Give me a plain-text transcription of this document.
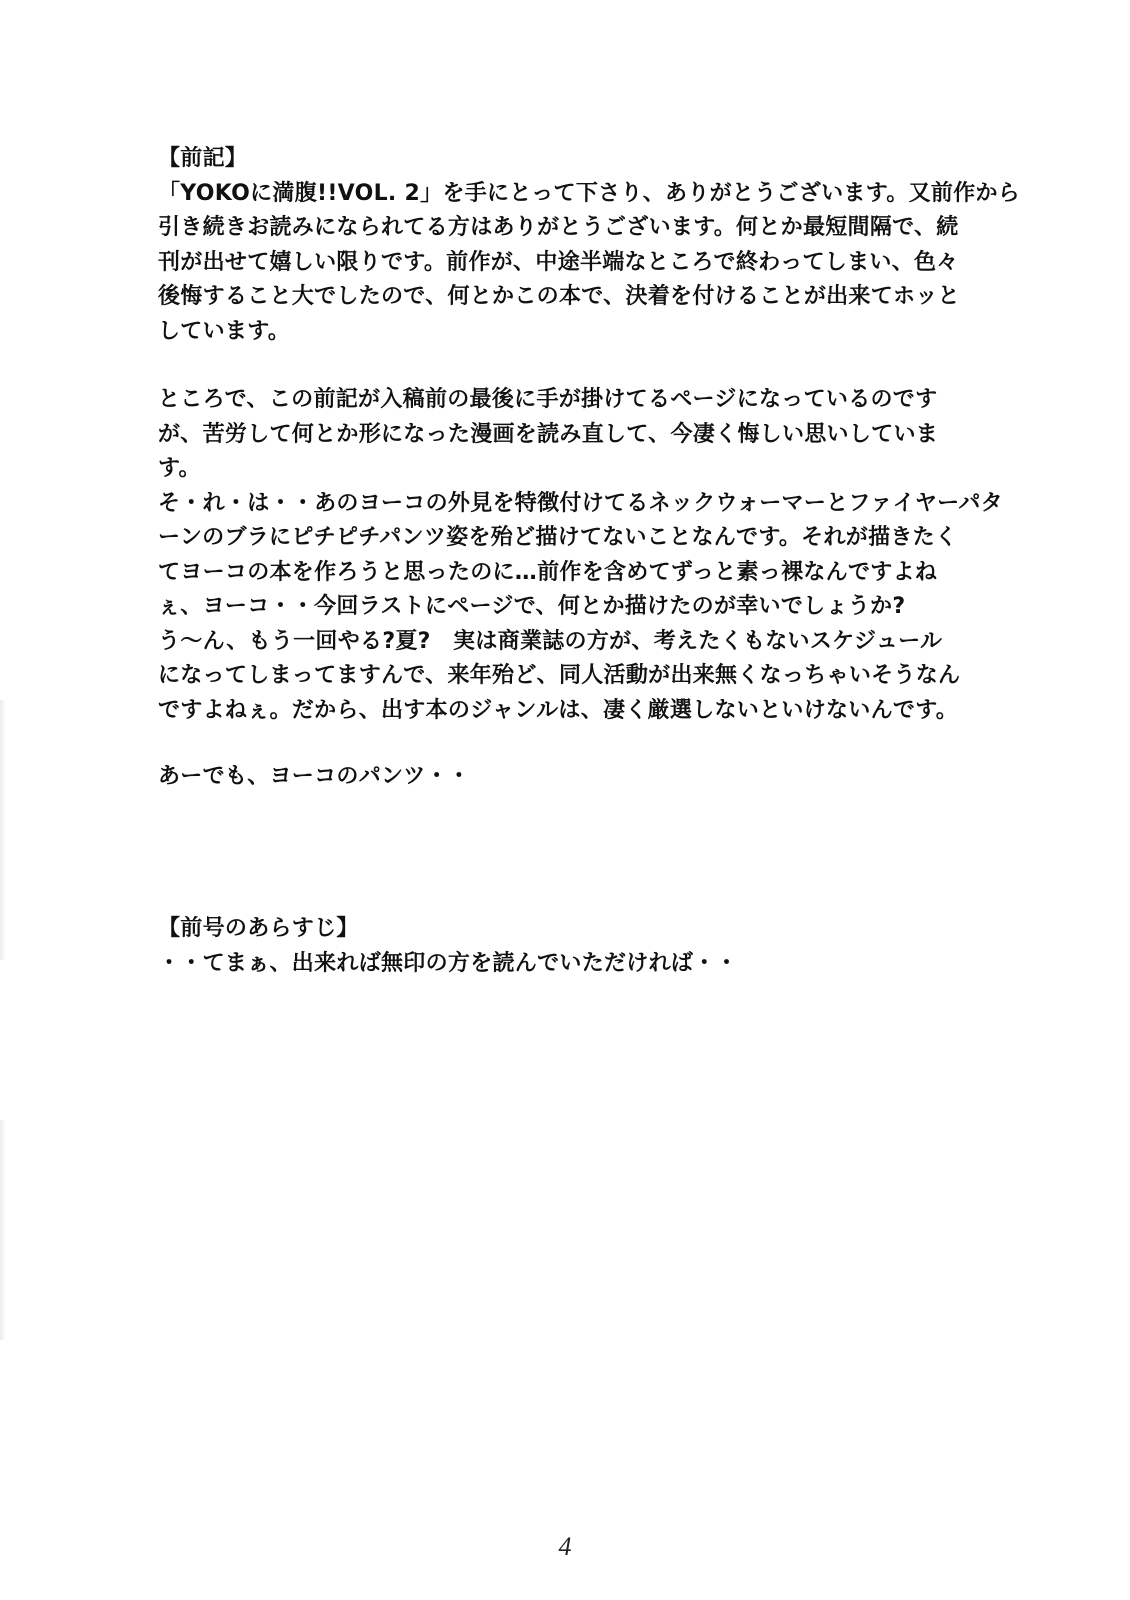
【前記】
「YOKOに満腹!!VOL. 2」を手にとって下さり、ありがとうございます。又前作から
引き続きお読みになられてる方はありがとうございます。何とか最短間隔で、続
刊が出せて嬉しい限りです。前作が、中途半端なところで終わってしまい、色々
後悔すること大でしたので、何とかこの本で、決着を付けることが出来てホッと
しています。
ところで、この前記が入稿前の最後に手が掛けてるページになっているのです
が、苦労して何とか形になった漫画を読み直して、今凄く悔しい思いしていま
す。
そ・れ・は・・あのヨーコの外見を特徴付けてるネックウォーマーとファイヤーパタ
ーンのブラにピチピチパンツ姿を殆ど描けてないことなんです。それが描きたく
てヨーコの本を作ろうと思ったのに…前作を含めてずっと素っ裸なんですよね
ぇ、ヨーコ・・今回ラストにページで、何とか描けたのが幸いでしょうか?
う～ん、もう一回やる?夏?　実は商業誌の方が、考えたくもないスケジュール
になってしまってますんで、来年殆ど、同人活動が出来無くなっちゃいそうなん
ですよねぇ。だから、出す本のジャンルは、凄く厳選しないといけないんです。
あーでも、ヨーコのパンツ・・
【前号のあらすじ】
・・てまぁ、出来れば無印の方を読んでいただければ・・
4
